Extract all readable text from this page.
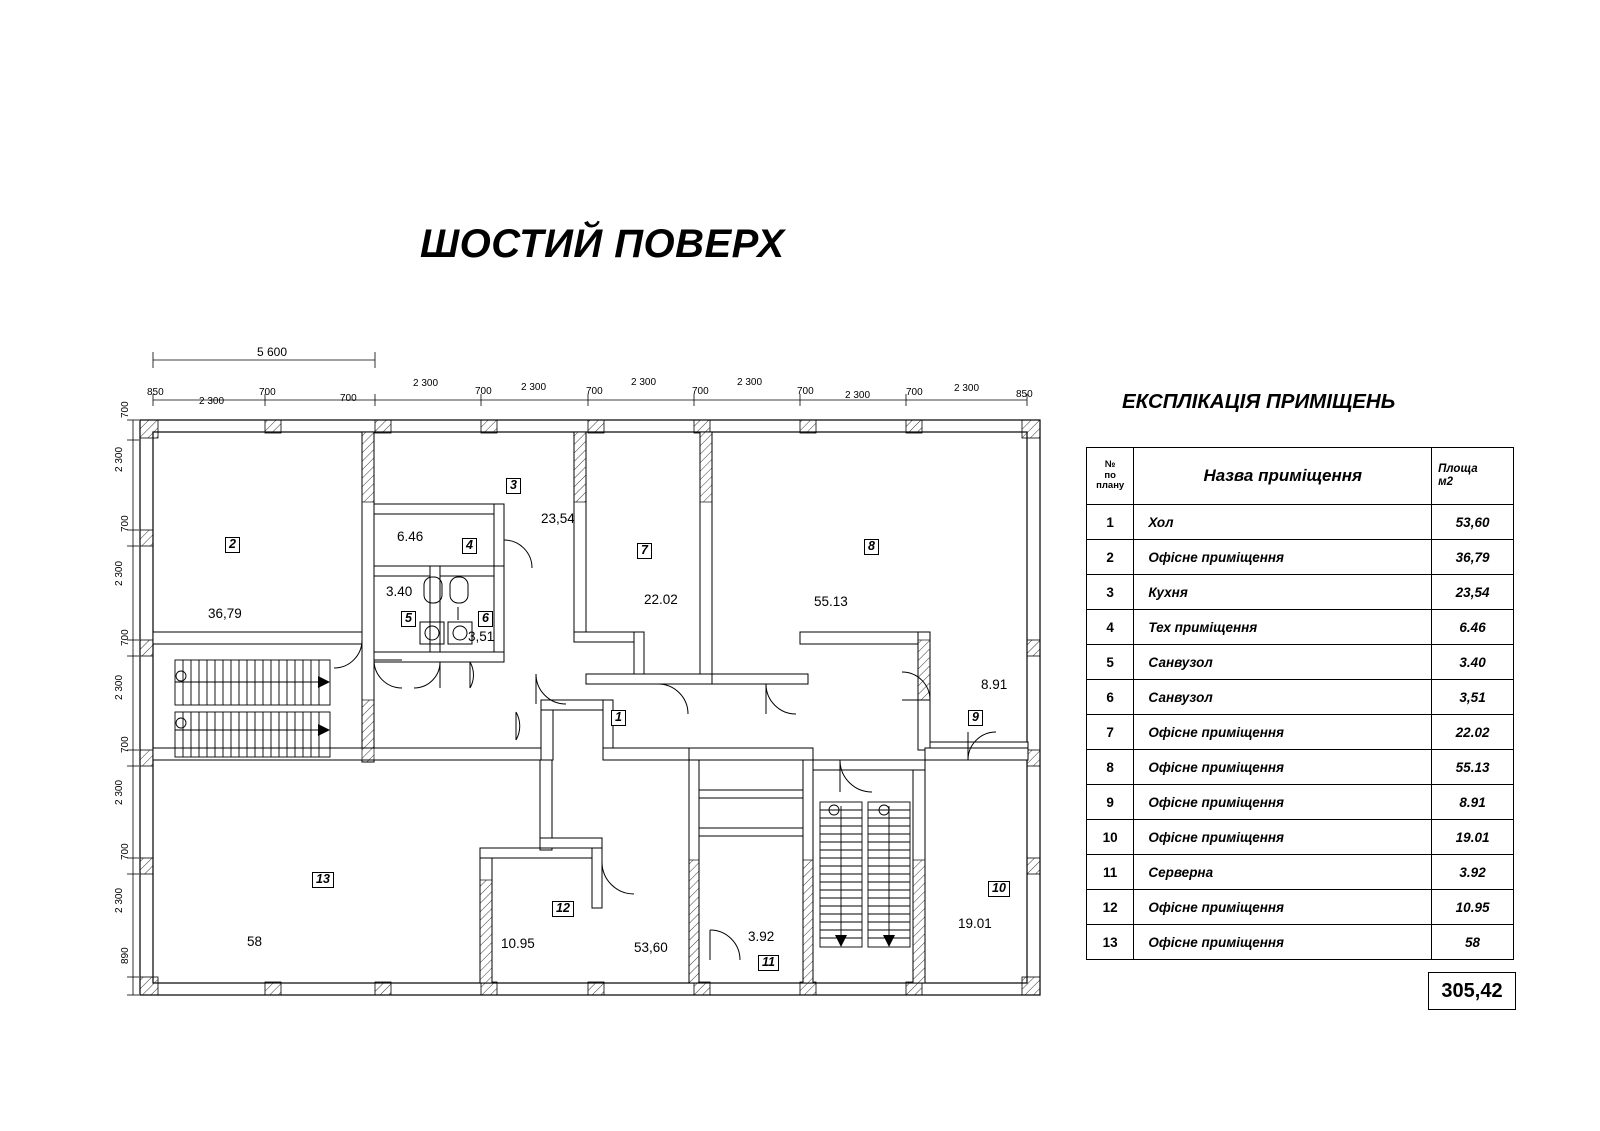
ШОСТИЙ ПОВЕРХ
36,79
6.46
23,54
3.40
3,51
22.02	55.13
8.91
19.01
3.92
53,60
10.95
58
1
2
3
4
5	6
7	8
9
10
11
12
13
5 600
850
2 300
700
700
2 300
700	2 300	700
2 300
700
2 300
700	2 300	700	2 300
850
700
2 300
700
2 300
700
2 300
700
2 300
700
2 300
890
ЕКСПЛІКАЦІЯ ПРИМІЩЕНЬ
№
по
плану
	Назва приміщення	Площа
м2

1	Хол	53,60
2	Офісне приміщення	36,79
3	Кухня	23,54
4	Тех приміщення	6.46
5	Санвузол	3.40
6	Санвузол	3,51
7	Офісне приміщення	22.02
8	Офісне приміщення	55.13
9	Офісне приміщення	8.91
10	Офісне приміщення	19.01
11	Серверна	3.92
12	Офісне приміщення	10.95
13	Офісне приміщення	58
305,42
